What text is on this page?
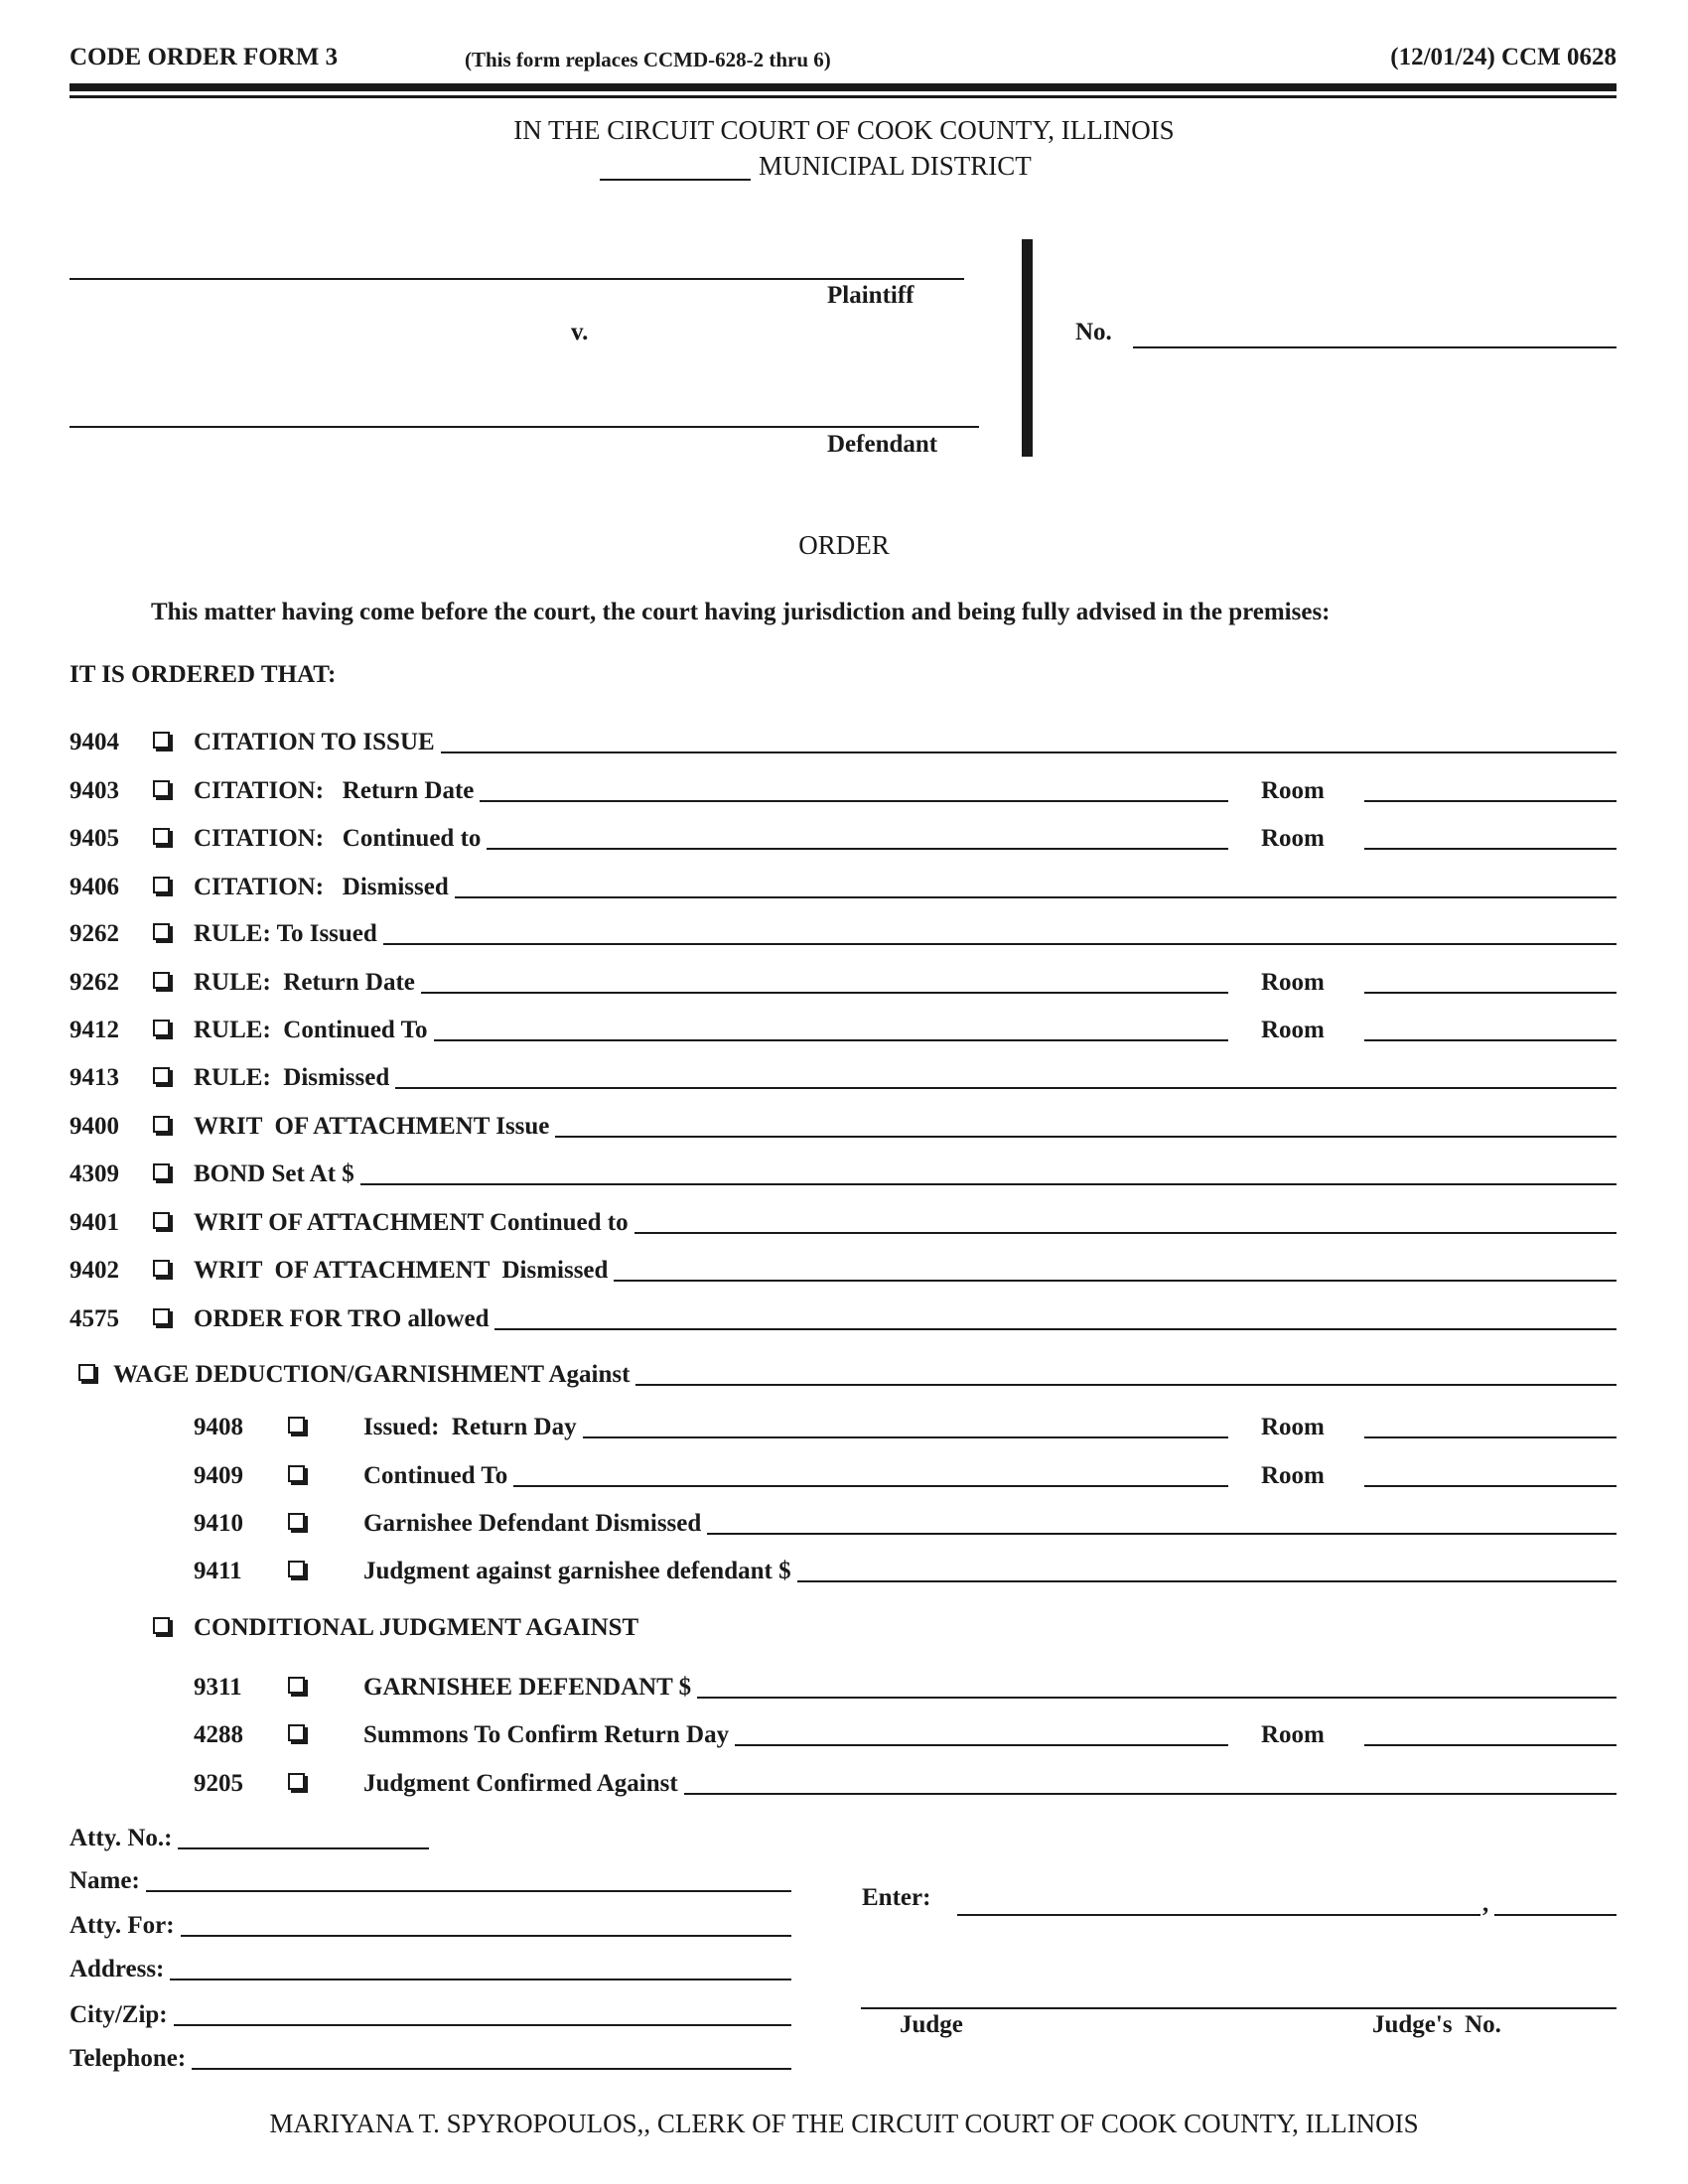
CODE ORDER FORM 3	(This form replaces CCMD-628-2 thru 6)	(12/01/24) CCM 0628
IN THE CIRCUIT COURT OF COOK COUNTY, ILLINOIS
MUNICIPAL DISTRICT
Plaintiff
v.
Defendant
No.
ORDER
This matter having come before the court, the court having jurisdiction and being fully advised in the premises:
IT IS ORDERED THAT:
9404	CITATION TO ISSUE
9403	CITATION:   Return Date	Room
9405	CITATION:   Continued to	Room
9406	CITATION:   Dismissed
9262	RULE: To Issued
9262	RULE:  Return Date	Room
9412	RULE:  Continued To	Room
9413	RULE:  Dismissed
9400	WRIT  OF ATTACHMENT Issue
4309	BOND Set At $
9401	WRIT OF ATTACHMENT Continued to
9402	WRIT  OF ATTACHMENT  Dismissed
4575	ORDER FOR TRO allowed
WAGE DEDUCTION/GARNISHMENT Against
9408	Issued:  Return Day	Room
9409	Continued To	Room
9410	Garnishee Defendant Dismissed
9411	Judgment against garnishee defendant $
CONDITIONAL JUDGMENT AGAINST
9311	GARNISHEE DEFENDANT $
4288	Summons To Confirm Return Day	Room
9205	Judgment Confirmed Against
Atty. No.:
Name:
Atty. For:
Address:
City/Zip:
Telephone:
Enter:	,
Judge	Judge's  No.
MARIYANA T. SPYROPOULOS,, CLERK OF THE CIRCUIT COURT OF COOK COUNTY, ILLINOIS
